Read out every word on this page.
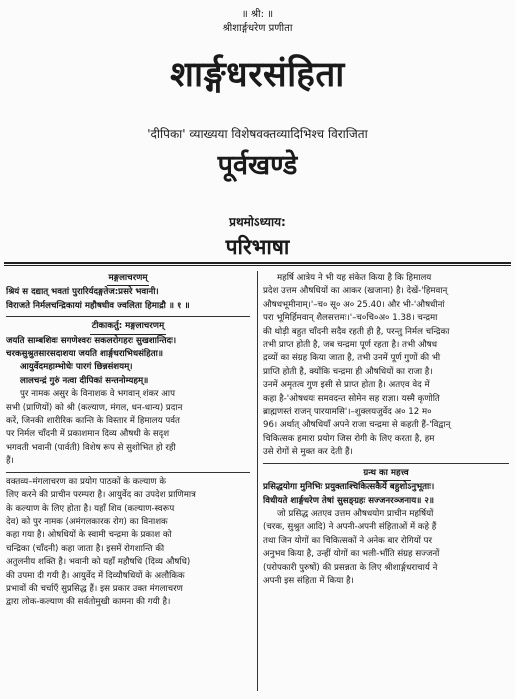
॥ श्री: ॥
श्रीशार्ङ्गधरेण प्रणीता
शार्ङ्गधरसंहिता
'दीपिका' व्याख्यया विशेषवक्तव्यादिभिश्च विराजिता
पूर्वखण्डे
प्रथमोऽध्याय:
परिभाषा
मङ्गलाचरणम्
श्रियं स दद्यात् भवतां पुरारिर्यदङ्गतेज:प्रसरे भवानी।
विराजते निर्मलचन्द्रिकायां महौषधीव ज्वलिता हिमाद्रौ ॥ १ ॥
टीकाकर्तु: मङ्गलाचरणम्
जयति साम्बशिवः सगणेश्वरः सकलरोगहरः सुखशान्तिदः।
चरकसुश्रुतसारसदाशया जयति शार्ङ्गधराभिधसंहिता॥
आयुर्वेदमहाम्भोधेः पारगं छिन्नसंशयम्।
लालचन्द्रं गुरुं नत्वा दीपिकां सन्तनोम्यहम्॥
पुर नामक असुर के विनाशक वे भगवान् शंकर आप
सभी (प्राणियों) को श्री (कल्याण, मंगल, धन-धान्य) प्रदान
करें, जिनकी शारीरिक कान्ति के विस्तार में हिमालय पर्वत
पर निर्मल चाँदनी में प्रकाशमान दिव्य औषधी के सदृश
भगवती भवानी (पार्वती) विशेष रूप से सुशोभित हो रही
हैं।
वक्तव्य–मंगलाचरण का प्रयोग पाठकों के कल्याण के
लिए करने की प्राचीन परम्परा है। आयुर्वेद का उपदेश प्राणिमात्र
के कल्याण के लिए होता है। यहाँ शिव (कल्याण-स्वरूप
देव) को पुर नामक (अमंगलकारक रोग) का विनाशक
कहा गया है। ओषधियों के स्वामी चन्द्रमा के प्रकाश को
चन्द्रिका (चाँदनी) कहा जाता है। इसमें रोगशान्ति की
अतुलनीय शक्ति है। भवानी को यहाँ महौषधि (दिव्य औषधि)
की उपमा दी गयी है। आयुर्वेद में दिव्यौषधियों के अलौकिक
प्रभावों की चर्चाएँ सुप्रसिद्ध हैं। इस प्रकार उक्त मंगलाचरण
द्वारा लोक-कल्याण की सर्वतोमुखी कामना की गयी है।
महर्षि आत्रेय ने भी यह संकेत किया है कि हिमालय
प्रदेश उत्तम औषधियों का आकर (खजाना) है। देखें-'हिमवान्
औषधभूमीनाम्।'–च० सू० अ० 25.40। और भी-'औषधीनां
परा भूमिर्हिमवान् शैलसत्तमः।'–च०चि०अ० 1.38। चन्द्रमा
की थोड़ी बहुत चाँदनी सदैव रहती ही है, परन्तु निर्मल चन्द्रिका
तभी प्राप्त होती है, जब चन्द्रमा पूर्ण रहता है। तभी औषध
द्रव्यों का संग्रह किया जाता है, तभी उनमें पूर्ण गुणों की भी
प्राप्ति होती है, क्योंकि चन्द्रमा ही औषधियों का राजा है।
उनमें अमृतत्व गुण इसी से प्राप्त होता है। अतएव वेद में
कहा है-'ओषधयः समवदन्त सोमेन सह राज्ञा। यस्मै कृणोति
ब्राह्मणस्तं राजन् पारयामसि'।–शुक्लयजुर्वेद अ० 12 म०
96। अर्थात् औषधियाँ अपने राजा चन्द्रमा से कहती हैं-'विद्वान्
चिकित्सक हमारा प्रयोग जिस रोगी के लिए करता है, हम
उसे रोगों से मुक्त कर देती हैं।
ग्रन्थ का महत्त्व
प्रसिद्धयोगा मुनिभिः प्रयुक्ताश्चिकित्सकैर्ये बहुशोऽनुभूताः।
विधीयते शार्ङ्गधरेण तेषां सुसङ्ग्रहः सज्जनरञ्जनाय॥ २॥
जो प्रसिद्ध अतएव उत्तम औषधयोग प्राचीन महर्षियों
(चरक, सुश्रुत आदि) ने अपनी-अपनी संहिताओं में कहे हैं
तथा जिन योगों का चिकित्सकों ने अनेक बार रोगियों पर
अनुभव किया है, उन्हीं योगों का भली-भाँति संग्रह सज्जनों
(परोपकारी पुरुषों) की प्रसन्नता के लिए श्रीशार्ङ्गधराचार्य ने
अपनी इस संहिता में किया है।
